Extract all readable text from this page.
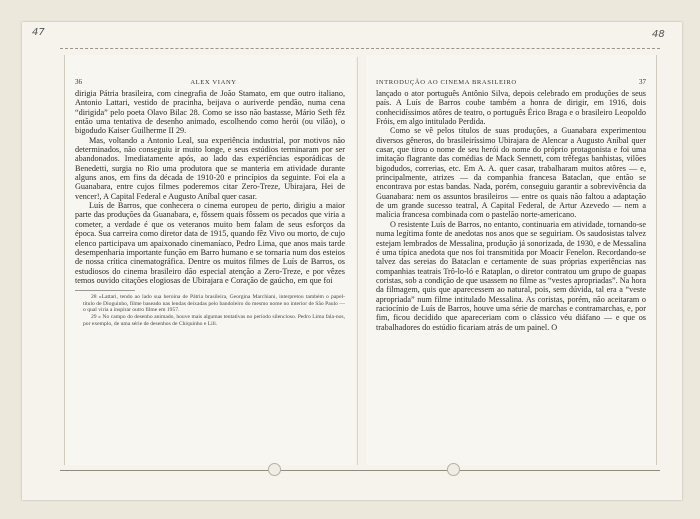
47	48
36	ALEX VIANY

dirigia Pátria brasileira, com cinegrafia de João Stamato, em que outro italiano, Antonio Lattari, vestido de pracinha, beijava o auriverde pendão, numa cena “dirigida” pelo poeta Olavo Bilac 28. Como se isso não bastasse, Mário Seth fêz então uma tentativa de desenho animado, escolhendo como herói (ou vilão), o bigodudo Kaiser Guilherme II 29.

Mas, voltando a Antonio Leal, sua experiência industrial, por motivos não determinados, não conseguiu ir muito longe, e seus estúdios terminaram por ser abandonados. Imediatamente após, ao lado das experiências esporádicas de Benedetti, surgia no Rio uma produtora que se manteria em atividade durante alguns anos, em fins da década de 1910-20 e princípios da seguinte. Foi ela a Guanabara, entre cujos filmes poderemos citar Zero-Treze, Ubirajara, Hei de vencer!, A Capital Federal e Augusto Aníbal quer casar.

Luís de Barros, que conhecera o cinema europeu de perto, dirigiu a maior parte das produções da Guanabara, e, fôssem quais fôssem os pecados que viria a cometer, a verdade é que os veteranos muito bem falam de seus esforços da época. Sua carreira como diretor data de 1915, quando fêz Vivo ou morto, de cujo elenco participava um apaixonado cinemaníaco, Pedro Lima, que anos mais tarde desempenharia importante função em Barro humano e se tornaria num dos esteios de nossa crítica cinematográfica. Dentre os muitos filmes de Luís de Barros, os estudiosos do cinema brasileiro dão especial atenção a Zero-Treze, e por vêzes temos ouvido citações elogiosas de Ubirajara e Coração de gaúcho, em que foi

28 «Lattari, tendo ao lado sua heroína de Pátria brasileira, Georgina Marchiani, interpretou também o papel-título de Dioguinho, filme baseado nas lendas deixadas pelo bandoleiro do mesmo nome no interior de São Paulo — o qual viria a inspirar outro filme em 1957.

29 » No campo do desenho animado, houve mais algumas tentativas no período silencioso. Pedro Lima fala-nos, por exemplo, de uma série de desenhos de Chiquinho e Lili.

INTRODUÇÃO AO CINEMA BRASILEIRO	37

lançado o ator português Antônio Silva, depois celebrado em produções de seus país. A Luís de Barros coube também a honra de dirigir, em 1916, dois conhecidíssimos atôres de teatro, o português Érico Braga e o brasileiro Leopoldo Fróis, em algo intitulado Perdida.

Como se vê pelos títulos de suas produções, a Guanabara experimentou diversos gêneros, do brasileiríssimo Ubirajara de Alencar a Augusto Aníbal quer casar, que tirou o nome de seu herói do nome do próprio protagonista e foi uma imitação flagrante das comédias de Mack Sennett, com trêfegas banhistas, vilões bigodudos, correrias, etc. Em A. A. quer casar, trabalharam muitos atôres — e, principalmente, atrizes — da companhia francesa Bataclan, que então se encontrava por estas bandas. Nada, porém, conseguiu garantir a sobrevivência da Guanabara: nem os assuntos brasileiros — entre os quais não faltou a adaptação de um grande sucesso teatral, A Capital Federal, de Artur Azevedo — nem a malícia francesa combinada com o pastelão norte-americano.

O resistente Luís de Barros, no entanto, continuaria em atividade, tornando-se numa legítima fonte de anedotas nos anos que se seguiriam. Os saudosistas talvez estejam lembrados de Messalina, produção já sonorizada, de 1930, e de Messalina é uma típica anedota que nos foi transmitida por Moacir Fenelon. Recordando-se talvez das sereias do Bataclan e certamente de suas próprias experiências nas companhias teatrais Trô-lo-ló e Rataplan, o diretor contratou um grupo de guapas coristas, sob a condição de que usassem no filme as “vestes apropriadas”. Na hora da filmagem, quis que aparecessem ao natural, pois, sem dúvida, tal era a “veste apropriada” num filme intitulado Messalina. As coristas, porém, não aceitaram o raciocínio de Luís de Barros, houve uma série de marchas e contramarchas, e, por fim, ficou decidido que apareceriam com o clássico véu diáfano — e que os trabalhadores do estúdio ficariam atrás de um painel. O
